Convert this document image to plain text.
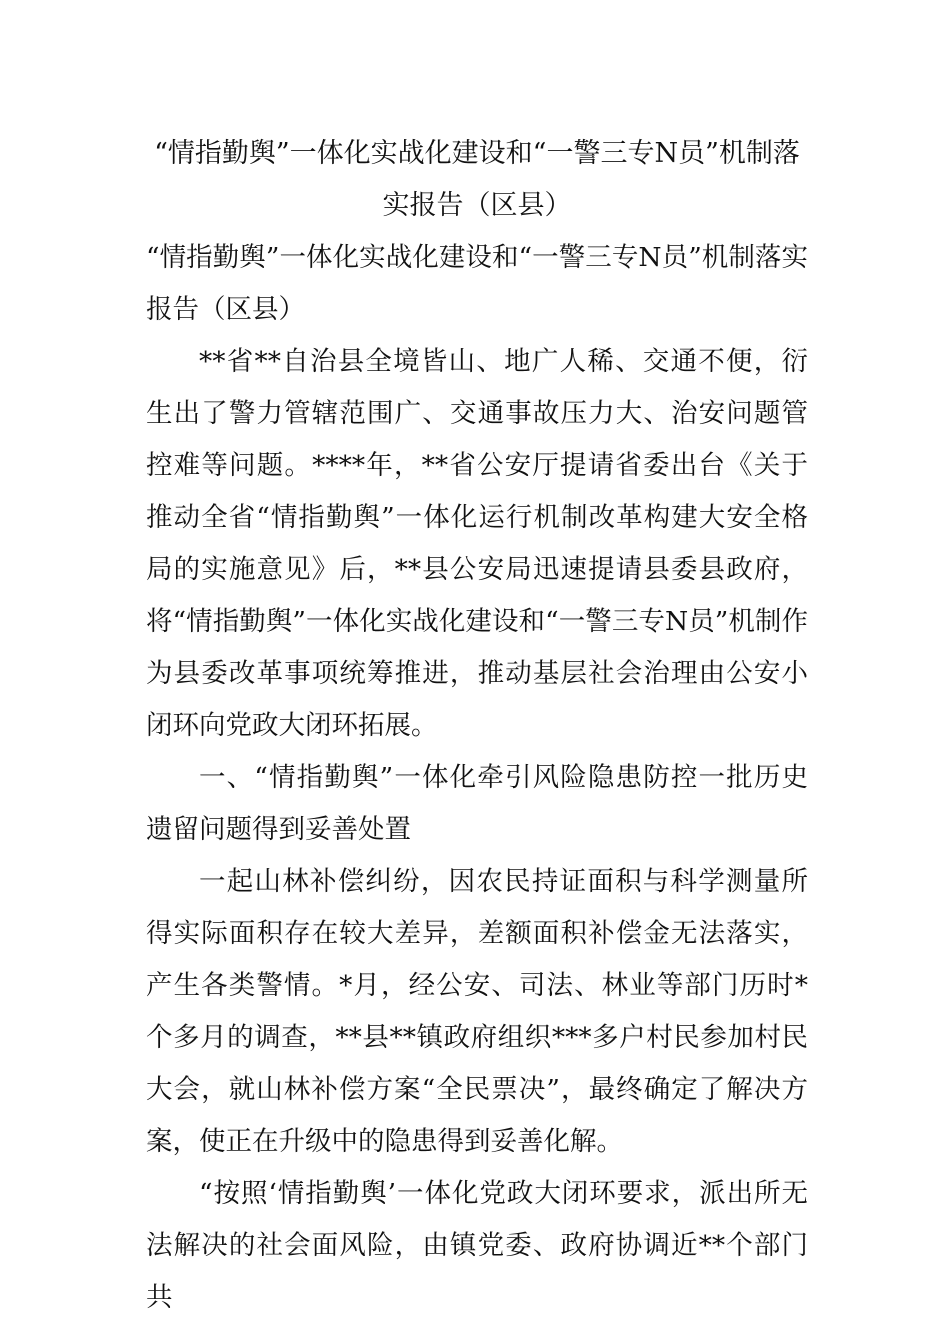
“情指勤舆”一体化实战化建设和“一警三专N员”机制落
实报告（区县）

“情指勤舆”一体化实战化建设和“一警三专N员”机制落实报告（区县）

**省**自治县全境皆山、地广人稀、交通不便，衍生出了警力管辖范围广、交通事故压力大、治安问题管控难等问题。****年，**省公安厅提请省委出台《关于推动全省“情指勤舆”一体化运行机制改革构建大安全格局的实施意见》后，**县公安局迅速提请县委县政府，将“情指勤舆”一体化实战化建设和“一警三专N员”机制作为县委改革事项统筹推进，推动基层社会治理由公安小闭环向党政大闭环拓展。

一、“情指勤舆”一体化牵引风险隐患防控一批历史遗留问题得到妥善处置

一起山林补偿纠纷，因农民持证面积与科学测量所得实际面积存在较大差异，差额面积补偿金无法落实，产生各类警情。*月，经公安、司法、林业等部门历时*个多月的调查，**县**镇政府组织***多户村民参加村民大会，就山林补偿方案“全民票决”，最终确定了解决方案，使正在升级中的隐患得到妥善化解。

“按照‘情指勤舆’一体化党政大闭环要求，派出所无法解决的社会面风险，由镇党委、政府协调近**个部门共
